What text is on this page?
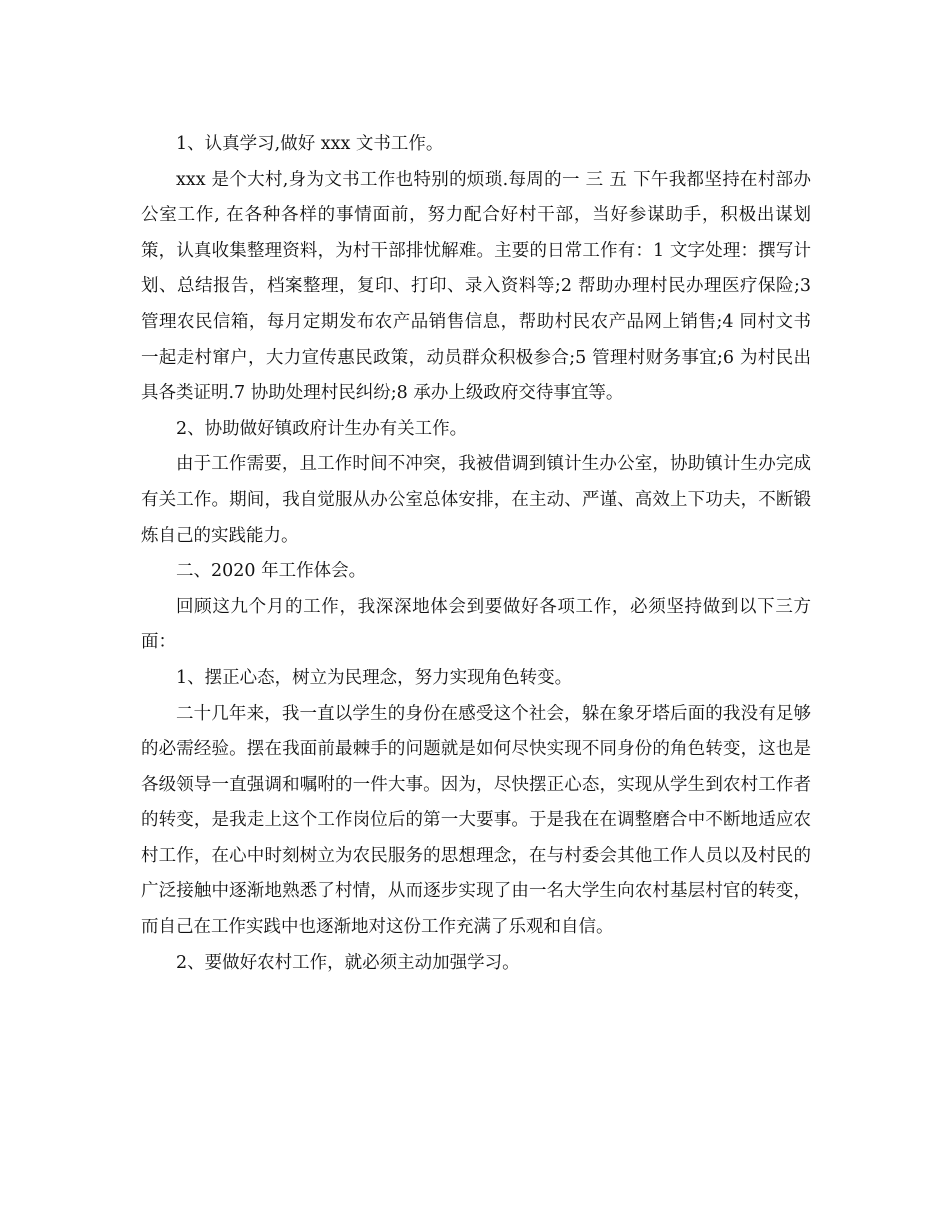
1、认真学习,做好 xxx 文书工作。

xxx 是个大村,身为文书工作也特别的烦琐.每周的一 三 五 下午我都坚持在村部办公室工作, 在各种各样的事情面前，努力配合好村干部，当好参谋助手，积极出谋划策，认真收集整理资料，为村干部排忧解难。主要的日常工作有：1 文字处理：撰写计划、总结报告，档案整理，复印、打印、录入资料等;2 帮助办理村民办理医疗保险;3 管理农民信箱，每月定期发布农产品销售信息，帮助村民农产品网上销售;4 同村文书一起走村窜户，大力宣传惠民政策，动员群众积极参合;5 管理村财务事宜;6 为村民出具各类证明.7 协助处理村民纠纷;8 承办上级政府交待事宜等。

2、协助做好镇政府计生办有关工作。

由于工作需要，且工作时间不冲突，我被借调到镇计生办公室，协助镇计生办完成有关工作。期间，我自觉服从办公室总体安排，在主动、严谨、高效上下功夫，不断锻炼自己的实践能力。

二、2020 年工作体会。

回顾这九个月的工作，我深深地体会到要做好各项工作，必须坚持做到以下三方面：

1、摆正心态，树立为民理念，努力实现角色转变。

二十几年来，我一直以学生的身份在感受这个社会，躲在象牙塔后面的我没有足够的必需经验。摆在我面前最棘手的问题就是如何尽快实现不同身份的角色转变，这也是各级领导一直强调和嘱咐的一件大事。因为，尽快摆正心态，实现从学生到农村工作者的转变，是我走上这个工作岗位后的第一大要事。于是我在在调整磨合中不断地适应农村工作，在心中时刻树立为农民服务的思想理念，在与村委会其他工作人员以及村民的广泛接触中逐渐地熟悉了村情，从而逐步实现了由一名大学生向农村基层村官的转变，而自己在工作实践中也逐渐地对这份工作充满了乐观和自信。

2、要做好农村工作，就必须主动加强学习。
